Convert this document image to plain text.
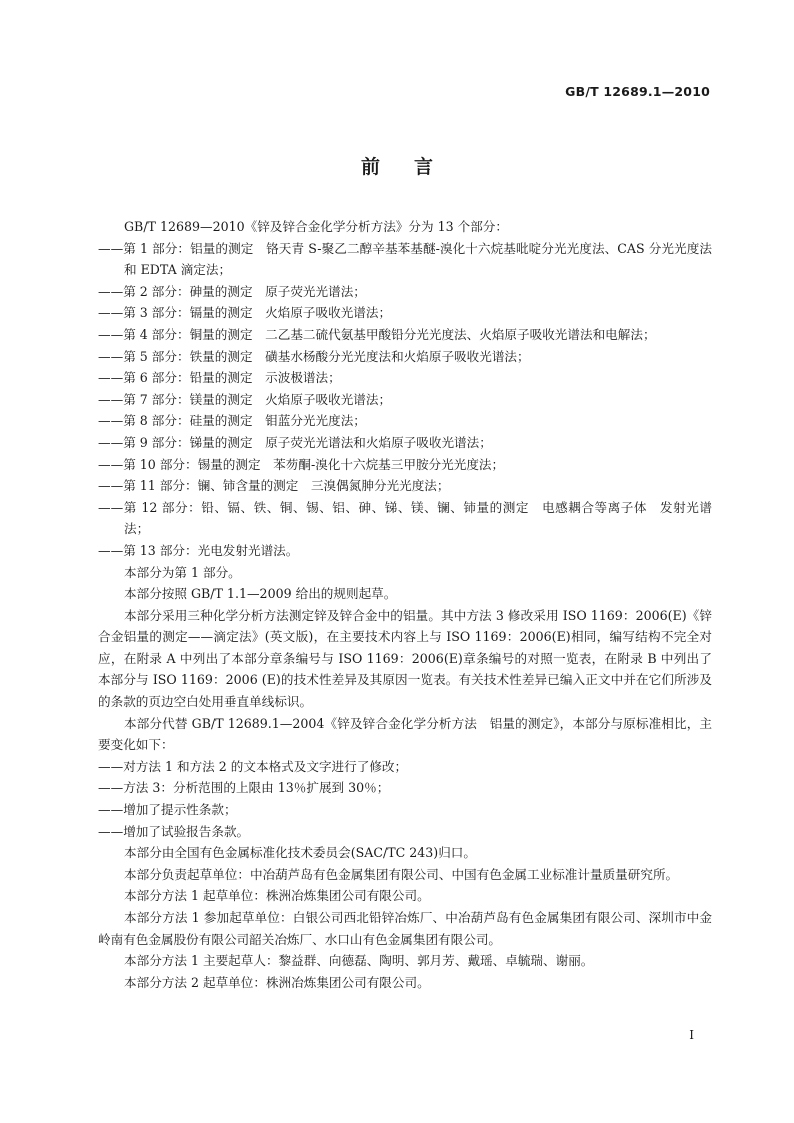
GB/T 12689.1—2010
前言

GB/T 12689—2010《锌及锌合金化学分析方法》分为 13 个部分：

——第 1 部分：铝量的测定　铬天青 S-聚乙二醇辛基苯基醚-溴化十六烷基吡啶分光光度法、CAS 分光光度法和 EDTA 滴定法；

——第 2 部分：砷量的测定　原子荧光光谱法；

——第 3 部分：镉量的测定　火焰原子吸收光谱法；

——第 4 部分：铜量的测定　二乙基二硫代氨基甲酸铅分光光度法、火焰原子吸收光谱法和电解法；

——第 5 部分：铁量的测定　磺基水杨酸分光光度法和火焰原子吸收光谱法；

——第 6 部分：铅量的测定　示波极谱法；

——第 7 部分：镁量的测定　火焰原子吸收光谱法；

——第 8 部分：硅量的测定　钼蓝分光光度法；

——第 9 部分：锑量的测定　原子荧光光谱法和火焰原子吸收光谱法；

——第 10 部分：锡量的测定　苯芴酮-溴化十六烷基三甲胺分光光度法；

——第 11 部分：镧、铈含量的测定　三溴偶氮胂分光光度法；

——第 12 部分：铅、镉、铁、铜、锡、铝、砷、锑、镁、镧、铈量的测定　电感耦合等离子体　发射光谱法；

——第 13 部分：光电发射光谱法。

本部分为第 1 部分。

本部分按照 GB/T 1.1—2009 给出的规则起草。

本部分采用三种化学分析方法测定锌及锌合金中的铝量。其中方法 3 修改采用 ISO 1169：2006(E)《锌合金铝量的测定——滴定法》(英文版)，在主要技术内容上与 ISO 1169：2006(E)相同，编写结构不完全对应，在附录 A 中列出了本部分章条编号与 ISO 1169：2006(E)章条编号的对照一览表，在附录 B 中列出了本部分与 ISO 1169：2006 (E)的技术性差异及其原因一览表。有关技术性差异已编入正文中并在它们所涉及的条款的页边空白处用垂直单线标识。

本部分代替 GB/T 12689.1—2004《锌及锌合金化学分析方法　铝量的测定》，本部分与原标准相比，主要变化如下：

——对方法 1 和方法 2 的文本格式及文字进行了修改；

——方法 3：分析范围的上限由 13％扩展到 30％；

——增加了提示性条款；

——增加了试验报告条款。

本部分由全国有色金属标准化技术委员会(SAC/TC 243)归口。

本部分负责起草单位：中冶葫芦岛有色金属集团有限公司、中国有色金属工业标准计量质量研究所。

本部分方法 1 起草单位：株洲冶炼集团公司有限公司。

本部分方法 1 参加起草单位：白银公司西北铅锌冶炼厂、中冶葫芦岛有色金属集团有限公司、深圳市中金岭南有色金属股份有限公司韶关冶炼厂、水口山有色金属集团有限公司。

本部分方法 1 主要起草人：黎益群、向德磊、陶明、郭月芳、戴瑶、卓毓瑞、谢丽。

本部分方法 2 起草单位：株洲冶炼集团公司有限公司。

I
